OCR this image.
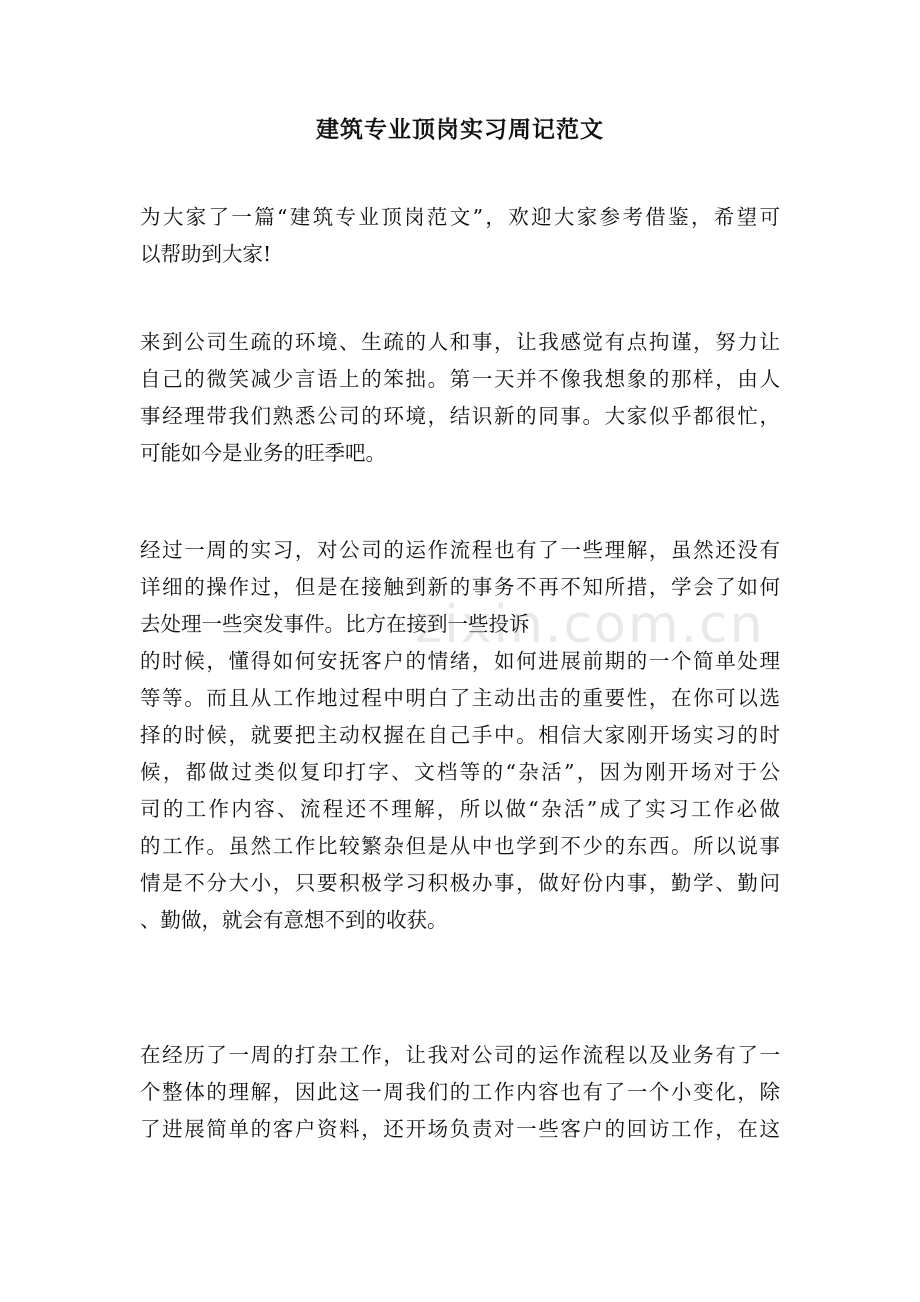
zixin.com.cn
建筑专业顶岗实习周记范文
为大家了一篇“建筑专业顶岗范文”，欢迎大家参考借鉴，希望可
以帮助到大家!
来到公司生疏的环境、生疏的人和事，让我感觉有点拘谨，努力让
自己的微笑减少言语上的笨拙。第一天并不像我想象的那样，由人
事经理带我们熟悉公司的环境，结识新的同事。大家似乎都很忙，
可能如今是业务的旺季吧。
经过一周的实习，对公司的运作流程也有了一些理解，虽然还没有
详细的操作过，但是在接触到新的事务不再不知所措，学会了如何
去处理一些突发事件。比方在接到一些投诉
的时候，懂得如何安抚客户的情绪，如何进展前期的一个简单处理
等等。而且从工作地过程中明白了主动出击的重要性，在你可以选
择的时候，就要把主动权握在自己手中。相信大家刚开场实习的时
候，都做过类似复印打字、文档等的“杂活”，因为刚开场对于公
司的工作内容、流程还不理解，所以做“杂活”成了实习工作必做
的工作。虽然工作比较繁杂但是从中也学到不少的东西。所以说事
情是不分大小，只要积极学习积极办事，做好份内事，勤学、勤问
、勤做，就会有意想不到的收获。
在经历了一周的打杂工作，让我对公司的运作流程以及业务有了一
个整体的理解，因此这一周我们的工作内容也有了一个小变化，除
了进展简单的客户资料，还开场负责对一些客户的回访工作，在这
